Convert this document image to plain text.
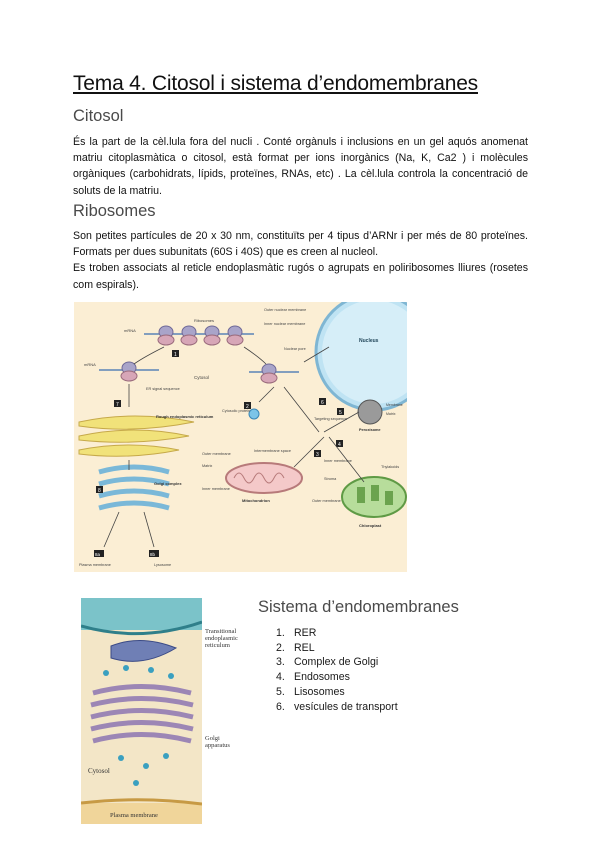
Tema 4. Citosol i sistema d’endomembranes
Citosol

És la part de la cèl.lula fora del nucli . Conté orgànuls i inclusions en un gel aquós anomenat matriu citoplasmàtica o citosol, està format per ions inorgànics (Na, K, Ca2 ) i molècules orgàniques (carbohidrats, lípids, proteïnes, RNAs, etc) . La cèl.lula controla la concentració de soluts de la matriu.

Ribosomes

Son petites partícules de 20 x 30 nm, constituïts per 4 tipus d’ARNr i per més de 80 proteïnes. Formats per dues subunitats (60S i 40S) que es creen al nucleol.

Es troben associats al reticle endoplasmàtic rugós o agrupats en poliribosomes lliures (rosetes com espirals).

Nucleus
Outer nuclear membrane
Inner nuclear membrane
Nuclear pore
mRNA
Ribosomes
1
Cytosol
mRNA
ER signal sequence
7
Rough endoplasmic reticulum
8
Golgi complex
8a	8b
Plasma membrane	Lysosome
2
Cytosolic protein
6
Targeting sequence
5
Peroxisome
Membrane
Matrix
Outer membrane
Intermembrane space
Matrix
Inner membrane
Mitochondrion
3
4
Inner membrane
Stroma
Thylakoids
Outer membrane
Chloroplast
Transitional endoplasmic reticulum
Golgi apparatus
Cytosol
Plasma membrane
Sistema d’endomembranes
1. RER
2. REL
3. Complex de Golgi
4. Endosomes
5. Lisosomes
6. vesícules de transport
